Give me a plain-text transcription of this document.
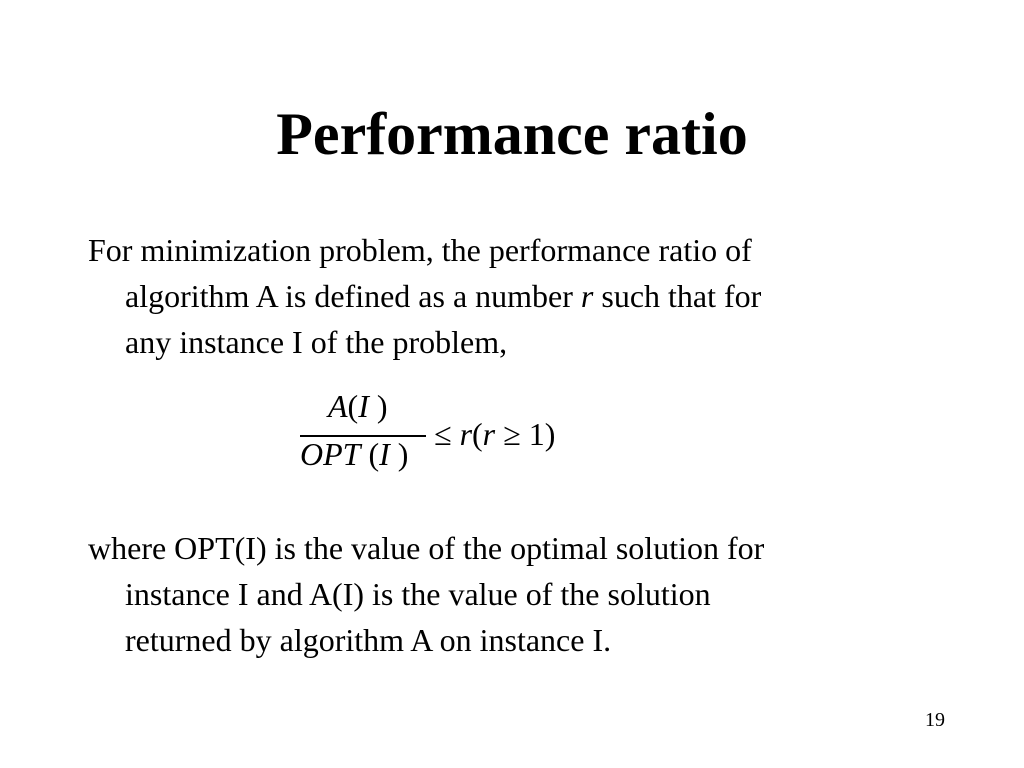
Performance ratio

For minimization problem, the performance ratio of
algorithm A is defined as a number r such that for
any instance I of the problem,

A(I )
OPT (I )
≤ r(r ≥ 1)

where OPT(I) is the value of the optimal solution for
instance I and A(I) is the value of the solution
returned by algorithm A on instance I.

19
